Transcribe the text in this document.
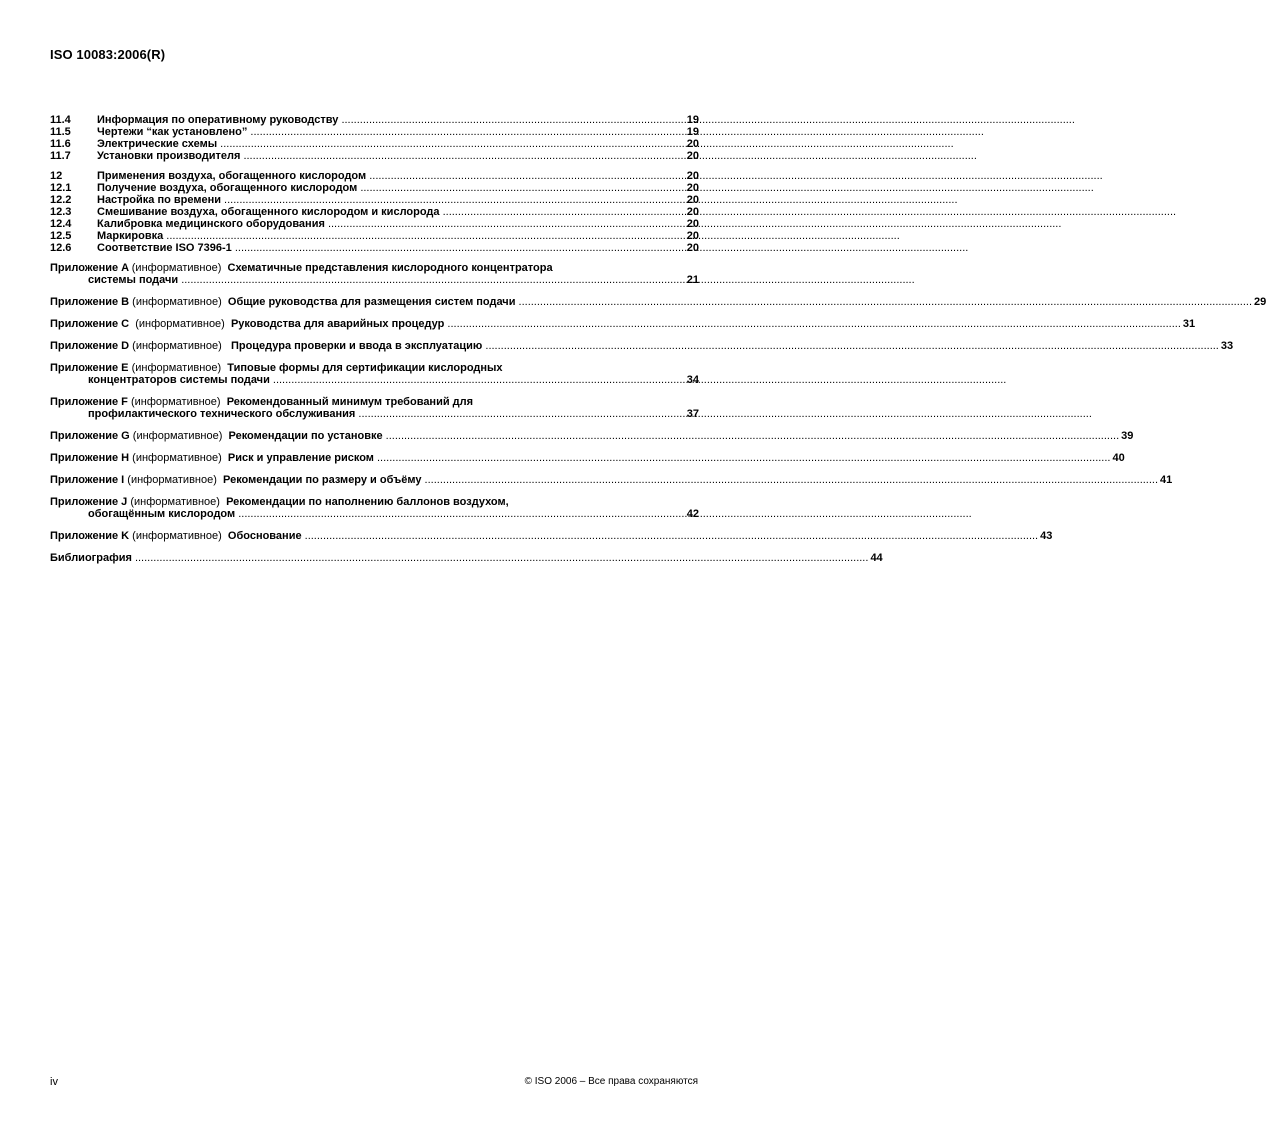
ISO 10083:2006(R)
11.4	Информация по оперативному руководству .....	19
11.5	Чертежи “как установлено” .....	19
11.6	Электрические схемы .....	20
11.7	Установки производителя .....	20
12	Применения воздуха, обогащенного кислородом .....	20
12.1	Получение воздуха, обогащенного кислородом .....	20
12.2	Настройка по времени .....	20
12.3	Смешивание воздуха, обогащенного кислородом и кислорода .....	20
12.4	Калибровка медицинского оборудования .....	20
12.5	Маркировка .....	20
12.6	Соответствие ISO 7396-1 .....	20
Приложение A (информативное) Схематичные представления кислородного концентратора
системы подачи .....	21
Приложение B (информативное) Общие руководства для размещения систем подачи .....	29
Приложение C (информативное) Руководства для аварийных процедур .....	31
Приложение D (информативное) Процедура проверки и ввода в эксплуатацию .....	33
Приложение E (информативное) Типовые формы для сертификации кислородных
концентраторов системы подачи .....	34
Приложение F (информативное) Рекомендованный минимум требований для
профилактического технического обслуживания .....	37
Приложение G (информативное) Рекомендации по установке .....	39
Приложение H (информативное) Риск и управление риском .....	40
Приложение I (информативное) Рекомендации по размеру и объёму .....	41
Приложение J (информативное) Рекомендации по наполнению баллонов воздухом,
обогащённым кислородом .....	42
Приложение K (информативное) Обоснование .....	43
Библиография .....	44
iv	© ISO 2006 – Все права сохраняются
